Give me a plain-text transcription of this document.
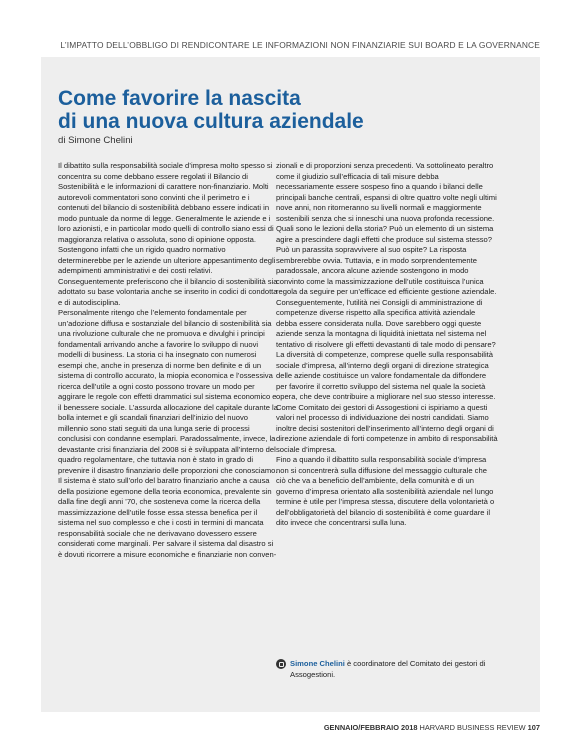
L’IMPATTO DELL’OBBLIGO DI RENDICONTARE LE INFORMAZIONI NON FINANZIARIE SUI BOARD E LA GOVERNANCE
Come favorire la nascita
di una nuova cultura aziendale
di Simone Chelini

Il dibattito sulla responsabilità sociale d’impresa molto spesso si concentra su come debbano essere regolati il Bilancio di Sostenibilità e le informazioni di carattere non-finanziario. Molti autorevoli commentatori sono convinti che il perimetro e i contenuti del bilancio di sostenibilità debbano essere indicati in modo puntuale da norme di legge. Generalmente le aziende e i loro azionisti, e in particolar modo quelli di controllo siano essi di maggioranza relativa o assoluta, sono di opinione opposta. Sostengono infatti che un rigido quadro normativo determinerebbe per le aziende un ulteriore appesantimento degli adempimenti amministrativi e dei costi relativi. Conseguentemente preferiscono che il bilancio di sostenibilità sia adottato su base volontaria anche se inserito in codici di condotta e di autodisciplina.

Personalmente ritengo che l’elemento fondamentale per un’adozione diffusa e sostanziale del bilancio di sostenibilità sia una rivoluzione culturale che ne promuova e divulghi i principi fondamentali arrivando anche a favorire lo sviluppo di nuovi modelli di business. La storia ci ha insegnato con numerosi esempi che, anche in presenza di norme ben definite e di un sistema di controllo accurato, la miopia economica e l’ossessiva ricerca dell’utile a ogni costo possono trovare un modo per aggirare le regole con effetti drammatici sul sistema economico e il benessere sociale. L’assurda allocazione del capitale durante la bolla internet e gli scandali finanziari dell’inizio del nuovo millennio sono stati seguiti da una lunga serie di processi conclusisi con condanne esemplari. Paradossalmente, invece, la devastante crisi finanziaria del 2008 si è sviluppata all’interno del quadro regolamentare, che tuttavia non è stato in grado di prevenire il disastro finanziario delle proporzioni che conosciamo.

Il sistema è stato sull’orlo del baratro finanziario anche a causa della posizione egemone della teoria economica, prevalente sin dalla fine degli anni ’70, che sosteneva come la ricerca della massimizzazione dell’utile fosse essa stessa benefica per il sistema nel suo complesso e che i costi in termini di mancata responsabilità sociale che ne derivavano dovessero essere considerati come marginali. Per salvare il sistema dal disastro si è dovuti ricorrere a misure economiche e finanziarie non conven-

zionali e di proporzioni senza precedenti. Va sottolineato peraltro come il giudizio sull’efficacia di tali misure debba necessariamente essere sospeso fino a quando i bilanci delle principali banche centrali, espansi di oltre quattro volte negli ultimi nove anni, non ritorneranno su livelli normali e maggiormente sostenibili senza che si inneschi una nuova profonda recessione.

Quali sono le lezioni della storia? Può un elemento di un sistema agire a prescindere dagli effetti che produce sul sistema stesso? Può un parassita sopravvivere al suo ospite? La risposta sembrerebbe ovvia. Tuttavia, e in modo sorprendentemente paradossale, ancora alcune aziende sostengono in modo convinto come la massimizzazione dell’utile costituisca l’unica regola da seguire per un’efficace ed efficiente gestione aziendale. Conseguentemente, l’utilità nei Consigli di amministrazione di competenze diverse rispetto alla specifica attività aziendale debba essere considerata nulla. Dove sarebbero oggi queste aziende senza la montagna di liquidità iniettata nel sistema nel tentativo di risolvere gli effetti devastanti di tale modo di pensare?

La diversità di competenze, comprese quelle sulla responsabilità sociale d’impresa, all’interno degli organi di direzione strategica delle aziende costituisce un valore fondamentale da diffondere per favorire il corretto sviluppo del sistema nel quale la società opera, che deve contribuire a migliorare nel suo stesso interesse. Come Comitato dei gestori di Assogestioni ci ispiriamo a questi valori nel processo di individuazione dei nostri candidati. Siamo inoltre decisi sostenitori dell’inserimento all’interno degli organi di direzione aziendale di forti competenze in ambito di responsabilità sociale d’impresa.

Fino a quando il dibattito sulla responsabilità sociale d’impresa non si concentrerà sulla diffusione del messaggio culturale che ciò che va a beneficio dell’ambiente, della comunità e di un governo d’impresa orientato alla sostenibilità aziendale nel lungo termine è utile per l’impresa stessa, discutere della volontarietà o dell’obbligatorietà del bilancio di sostenibilità è come guardare il dito invece che concentrarsi sulla luna.

Simone Chelini è coordinatore del Comitato dei gestori di Assogestioni.
GENNAIO/FEBBRAIO 2018 HARVARD BUSINESS REVIEW 107
